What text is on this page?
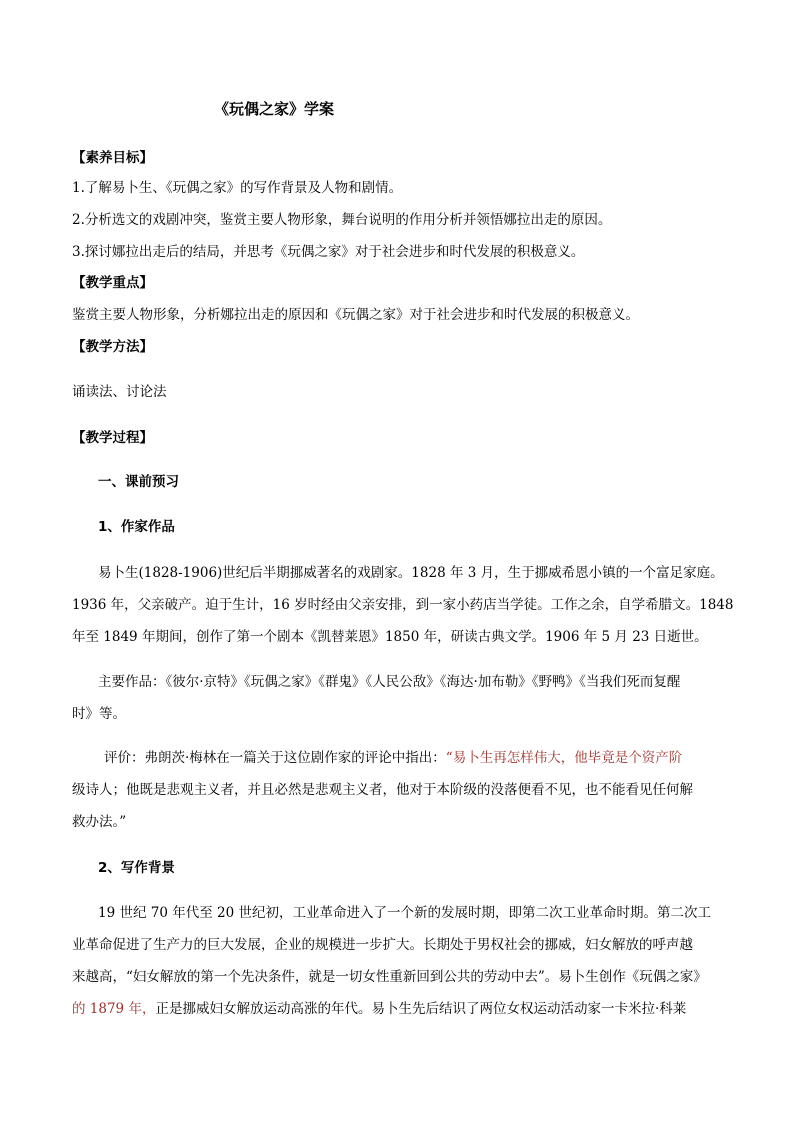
《玩偶之家》学案
【素养目标】
1.了解易卜生、《玩偶之家》的写作背景及人物和剧情。
2.分析选文的戏剧冲突，鉴赏主要人物形象，舞台说明的作用分析并领悟娜拉出走的原因。
3.探讨娜拉出走后的结局，并思考《玩偶之家》对于社会进步和时代发展的积极意义。
【教学重点】
鉴赏主要人物形象，分析娜拉出走的原因和《玩偶之家》对于社会进步和时代发展的积极意义。
【教学方法】
诵读法、讨论法
【教学过程】
一、课前预习
1、作家作品
易卜生(1828-1906)世纪后半期挪威著名的戏剧家。1828 年 3 月，生于挪威希恩小镇的一个富足家庭。
1936 年，父亲破产。迫于生计，16 岁时经由父亲安排，到一家小药店当学徒。工作之余，自学希腊文。1848
年至 1849 年期间，创作了第一个剧本《凯替莱恩》1850 年，研读古典文学。1906 年 5 月 23 日逝世。
主要作品：《彼尔·京特》《玩偶之家》《群鬼》《人民公敌》《海达·加布勒》《野鸭》《当我们死而复醒
时》等。
评价：弗朗茨·梅林在一篇关于这位剧作家的评论中指出：“易卜生再怎样伟大，他毕竟是个资产阶
级诗人；他既是悲观主义者，并且必然是悲观主义者，他对于本阶级的没落便看不见，也不能看见任何解
救办法。”
2、写作背景
19 世纪 70 年代至 20 世纪初，工业革命进入了一个新的发展时期，即第二次工业革命时期。第二次工
业革命促进了生产力的巨大发展，企业的规模进一步扩大。长期处于男权社会的挪威，妇女解放的呼声越
来越高，“妇女解放的第一个先决条件，就是一切女性重新回到公共的劳动中去”。易卜生创作《玩偶之家》
的 1879 年，正是挪威妇女解放运动高涨的年代。易卜生先后结识了两位女权运动活动家一卡米拉·科莱
